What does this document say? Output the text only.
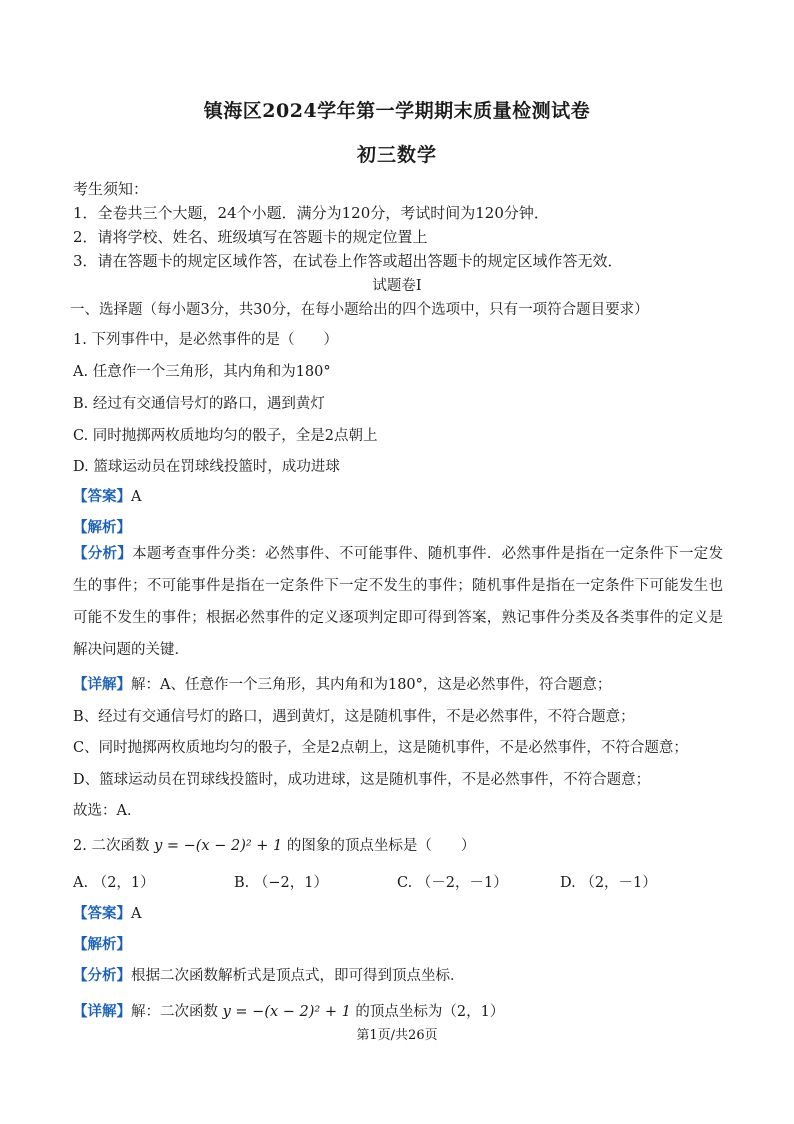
镇海区2024学年第一学期期末质量检测试卷
初三数学
考生须知：
1．全卷共三个大题，24个小题．满分为120分，考试时间为120分钟．
2．请将学校、姓名、班级填写在答题卡的规定位置上
3．请在答题卡的规定区域作答，在试卷上作答或超出答题卡的规定区域作答无效．
试题卷Ⅰ
一、选择题（每小题3分，共30分，在每小题给出的四个选项中，只有一项符合题目要求）
1. 下列事件中，是必然事件的是（　　）
A. 任意作一个三角形，其内角和为180°
B. 经过有交通信号灯的路口，遇到黄灯
C. 同时抛掷两枚质地均匀的骰子，全是2点朝上
D. 篮球运动员在罚球线投篮时，成功进球
【答案】A
【解析】
【分析】本题考查事件分类：必然事件、不可能事件、随机事件．必然事件是指在一定条件下一定发生的事件；不可能事件是指在一定条件下一定不发生的事件；随机事件是指在一定条件下可能发生也可能不发生的事件；根据必然事件的定义逐项判定即可得到答案，熟记事件分类及各类事件的定义是解决问题的关键．
【详解】解：A、任意作一个三角形，其内角和为180°，这是必然事件，符合题意；
B、经过有交通信号灯的路口，遇到黄灯，这是随机事件，不是必然事件，不符合题意；
C、同时抛掷两枚质地均匀的骰子，全是2点朝上，这是随机事件，不是必然事件，不符合题意；
D、篮球运动员在罚球线投篮时，成功进球，这是随机事件，不是必然事件，不符合题意；
故选：A．
2. 二次函数 y = −(x − 2)² + 1 的图象的顶点坐标是（　　）
A. （2，1）	B. （−2，1）	C. （－2，－1）	D. （2，－1）
【答案】A
【解析】
【分析】根据二次函数解析式是顶点式，即可得到顶点坐标．
【详解】解：二次函数 y = −(x − 2)² + 1 的顶点坐标为（2，1）
第1页/共26页
